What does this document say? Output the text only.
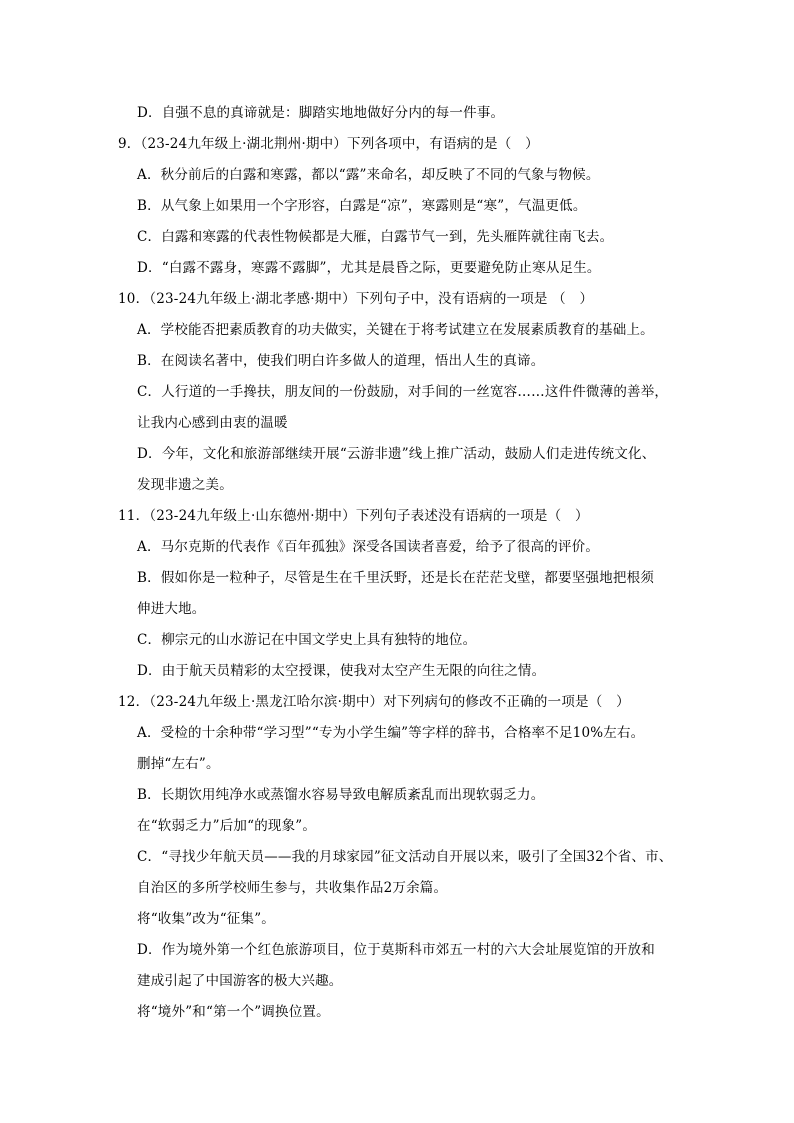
D．自强不息的真谛就是：脚踏实地地做好分内的每一件事。
9．（23-24九年级上·湖北荆州·期中）下列各项中，有语病的是（　）
A．秋分前后的白露和寒露，都以“露”来命名，却反映了不同的气象与物候。
B．从气象上如果用一个字形容，白露是“凉”，寒露则是“寒”，气温更低。
C．白露和寒露的代表性物候都是大雁，白露节气一到，先头雁阵就往南飞去。
D．“白露不露身，寒露不露脚”，尤其是晨昏之际，更要避免防止寒从足生。
10．（23-24九年级上·湖北孝感·期中）下列句子中，没有语病的一项是 （　）
A．学校能否把素质教育的功夫做实，关键在于将考试建立在发展素质教育的基础上。
B．在阅读名著中，使我们明白许多做人的道理，悟出人生的真谛。
C．人行道的一手搀扶，朋友间的一份鼓励，对手间的一丝宽容……这件件微薄的善举，
让我内心感到由衷的温暖
D．今年，文化和旅游部继续开展“云游非遗”线上推广活动，鼓励人们走进传统文化、
发现非遗之美。
11．（23-24九年级上·山东德州·期中）下列句子表述没有语病的一项是（　）
A．马尔克斯的代表作《百年孤独》深受各国读者喜爱，给予了很高的评价。
B．假如你是一粒种子，尽管是生在千里沃野，还是长在茫茫戈壁，都要坚强地把根须
伸进大地。
C．柳宗元的山水游记在中国文学史上具有独特的地位。
D．由于航天员精彩的太空授课，使我对太空产生无限的向往之情。
12．（23-24九年级上·黑龙江哈尔滨·期中）对下列病句的修改不正确的一项是（　）
A．受检的十余种带“学习型”“专为小学生编”等字样的辞书，合格率不足10%左右。
删掉“左右”。
B．长期饮用纯净水或蒸馏水容易导致电解质紊乱而出现软弱乏力。
在“软弱乏力”后加“的现象”。
C．“寻找少年航天员——我的月球家园”征文活动自开展以来，吸引了全国32个省、市、
自治区的多所学校师生参与，共收集作品2万余篇。
将“收集”改为“征集”。
D．作为境外第一个红色旅游项目，位于莫斯科市郊五一村的六大会址展览馆的开放和
建成引起了中国游客的极大兴趣。
将“境外”和“第一个”调换位置。
